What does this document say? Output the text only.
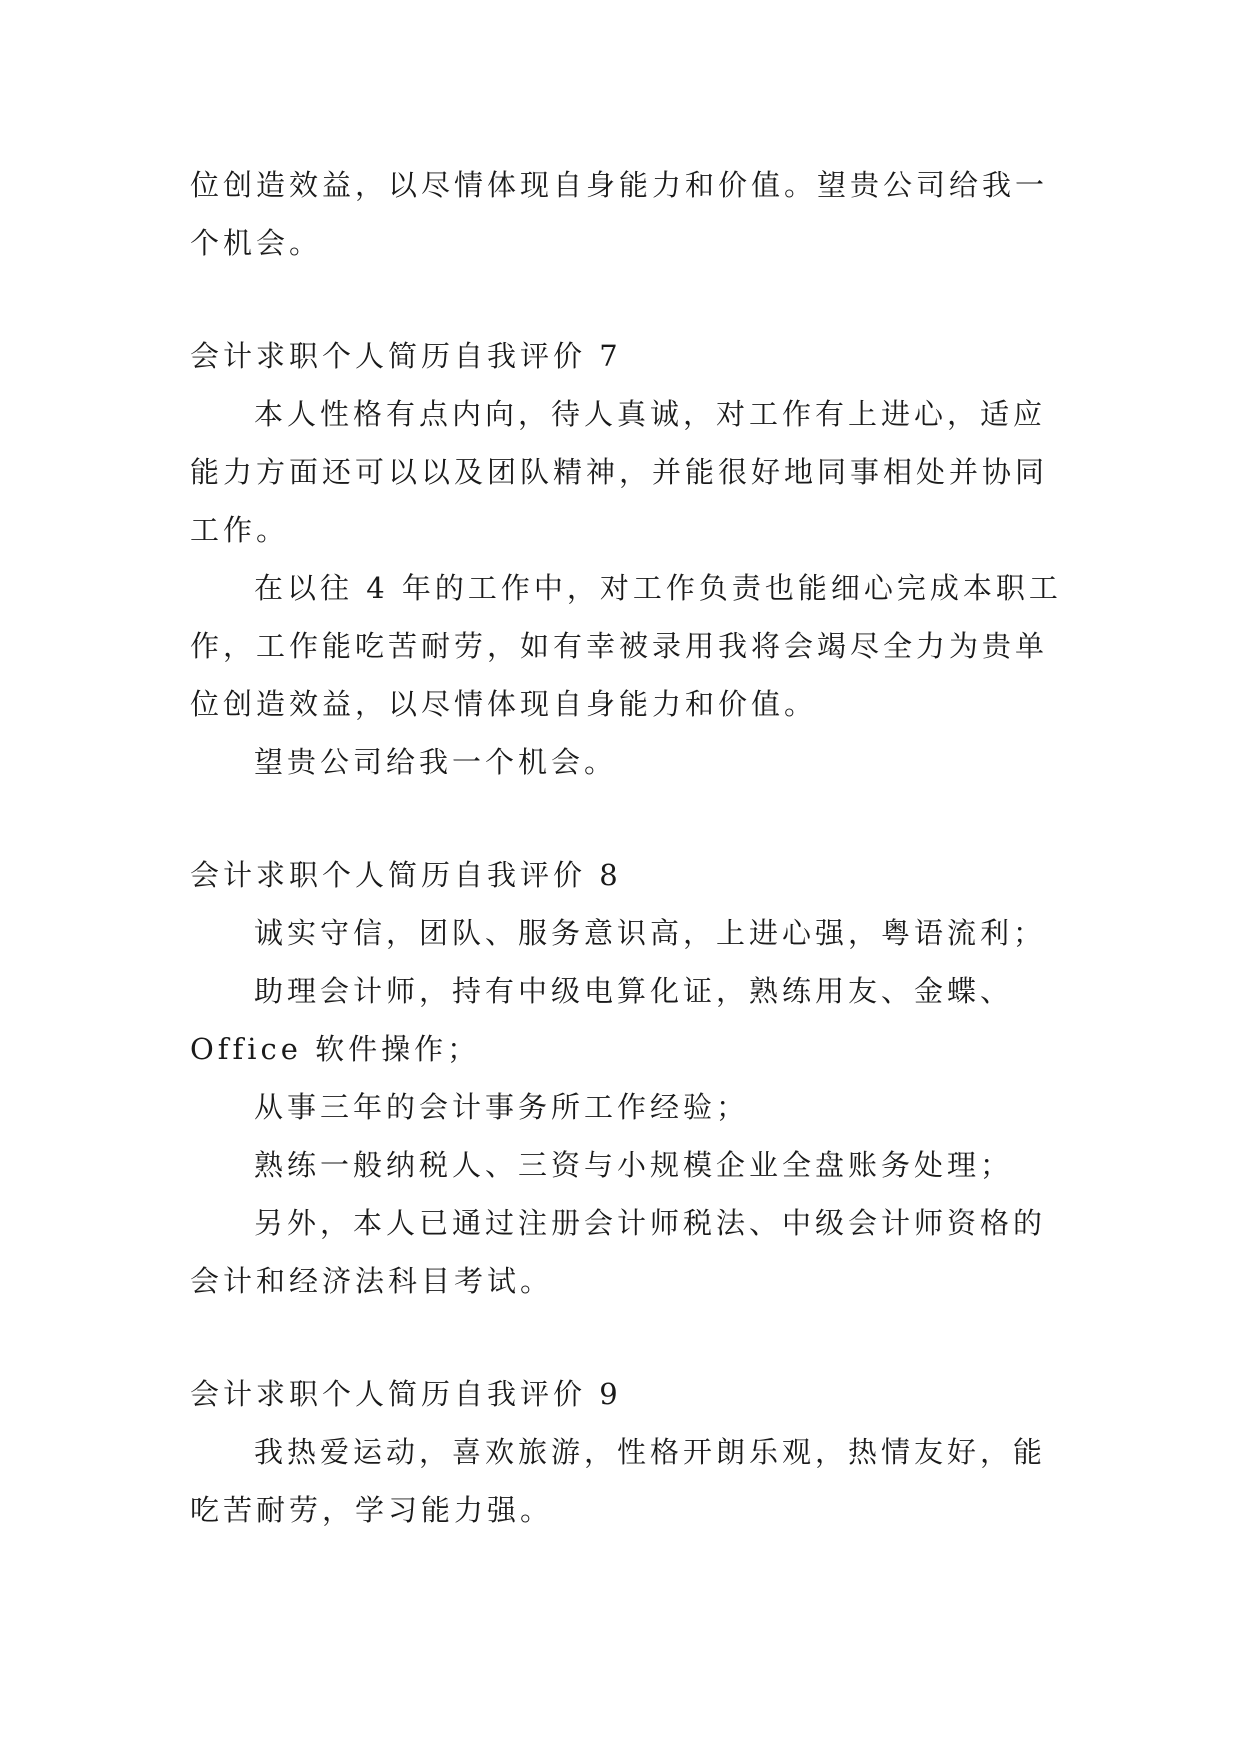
位创造效益，以尽情体现自身能力和价值。望贵公司给我一
个机会。
会计求职个人简历自我评价 7
本人性格有点内向，待人真诚，对工作有上进心，适应
能力方面还可以以及团队精神，并能很好地同事相处并协同
工作。
在以往 4 年的工作中，对工作负责也能细心完成本职工
作，工作能吃苦耐劳，如有幸被录用我将会竭尽全力为贵单
位创造效益，以尽情体现自身能力和价值。
望贵公司给我一个机会。
会计求职个人简历自我评价 8
诚实守信，团队、服务意识高，上进心强，粤语流利；
助理会计师，持有中级电算化证，熟练用友、金蝶、
Office 软件操作；
从事三年的会计事务所工作经验；
熟练一般纳税人、三资与小规模企业全盘账务处理；
另外，本人已通过注册会计师税法、中级会计师资格的
会计和经济法科目考试。
会计求职个人简历自我评价 9
我热爱运动，喜欢旅游，性格开朗乐观，热情友好，能
吃苦耐劳，学习能力强。
